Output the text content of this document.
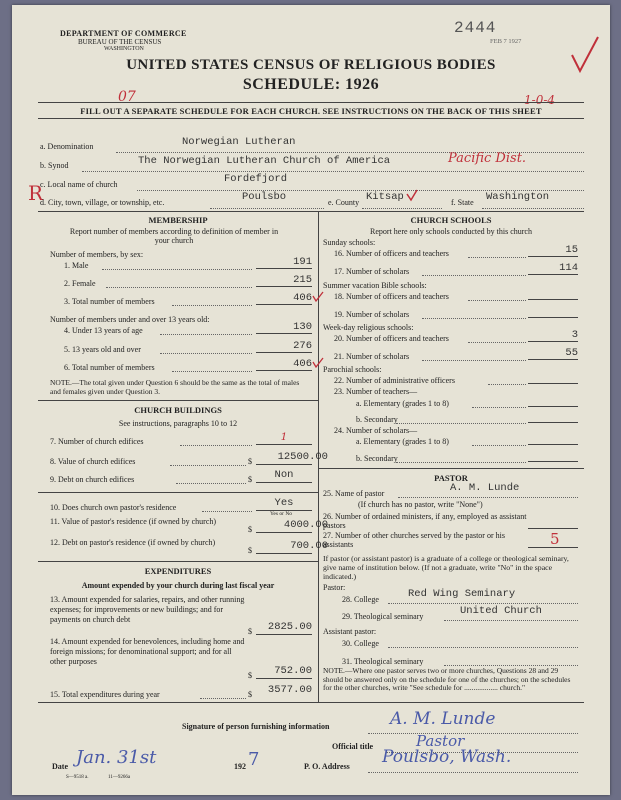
DEPARTMENT OF COMMERCE
BUREAU OF THE CENSUS
WASHINGTON
2444
FEB 7 1927
UNITED STATES CENSUS OF RELIGIOUS BODIES
SCHEDULE: 1926
07	1-0-4
FILL OUT A SEPARATE SCHEDULE FOR EACH CHURCH. SEE INSTRUCTIONS ON THE BACK OF THIS SHEET
a. Denomination	Norwegian Lutheran
b. Synod	The Norwegian Lutheran Church of America	Pacific Dist.
c. Local name of church	Fordefjord
R
d. City, town, village, or township, etc.	Poulsbo	e. County Kitsap	f. State Washington
MEMBERSHIP
Report number of members according to definition of member in your church
Number of members, by sex:
1. Male	191
2. Female	215
3. Total number of members	406
Number of members under and over 13 years old:
4. Under 13 years of age	130
5. 13 years old and over	276
6. Total number of members	406
NOTE.—The total given under Question 6 should be the same as the total of males and females given under Question 3.
CHURCH BUILDINGS
See instructions, paragraphs 10 to 12
7. Number of church edifices	1
8. Value of church edifices	$	12500.00
9. Debt on church edifices	$	Non
10. Does church own pastor's residence	Yes
Yes or No
11. Value of pastor's residence (if owned by church)
$	4000.00
12. Debt on pastor's residence (if owned by church)
$	700.00
EXPENDITURES
Amount expended by your church during last fiscal year
13. Amount expended for salaries, repairs, and other running expenses; for improvements or new buildings; and for payments on church debt
$	2825.00
14. Amount expended for benevolences, including home and foreign missions; for denominational support; and for all other purposes
$	752.00
15. Total expenditures during year	$	3577.00
CHURCH SCHOOLS
Report here only schools conducted by this church
Sunday schools:
16. Number of officers and teachers	15
17. Number of scholars	114
Summer vacation Bible schools:
18. Number of officers and teachers
19. Number of scholars
Week-day religious schools:
20. Number of officers and teachers	3
21. Number of scholars	55
Parochial schools:
22. Number of administrative officers
23. Number of teachers—
a. Elementary (grades 1 to 8)
b. Secondary
24. Number of scholars—
a. Elementary (grades 1 to 8)
b. Secondary
PASTOR
25. Name of pastor	A. M. Lunde
(If church has no pastor, write "None")
26. Number of ordained ministers, if any, employed as assistant pastors
27. Number of other churches served by the pastor or his assistants	5
If pastor (or assistant pastor) is a graduate of a college or theological seminary, give name of institution below. (If not a graduate, write "No" in the space indicated.)
Pastor:
28. College	Red Wing Seminary
29. Theological seminary	United Church
Assistant pastor:
30. College
31. Theological seminary
NOTE.—Where one pastor serves two or more churches, Questions 28 and 29 should be answered only on the schedule for one of the churches; on the schedules for the other churches, write "See schedule for .................. church."
Signature of person furnishing information	A. M. Lunde
Official title	Pastor
Date Jan. 31st	192 7	P. O. Address Poulsbo, Wash.
S—9518 a.	11—9266a
